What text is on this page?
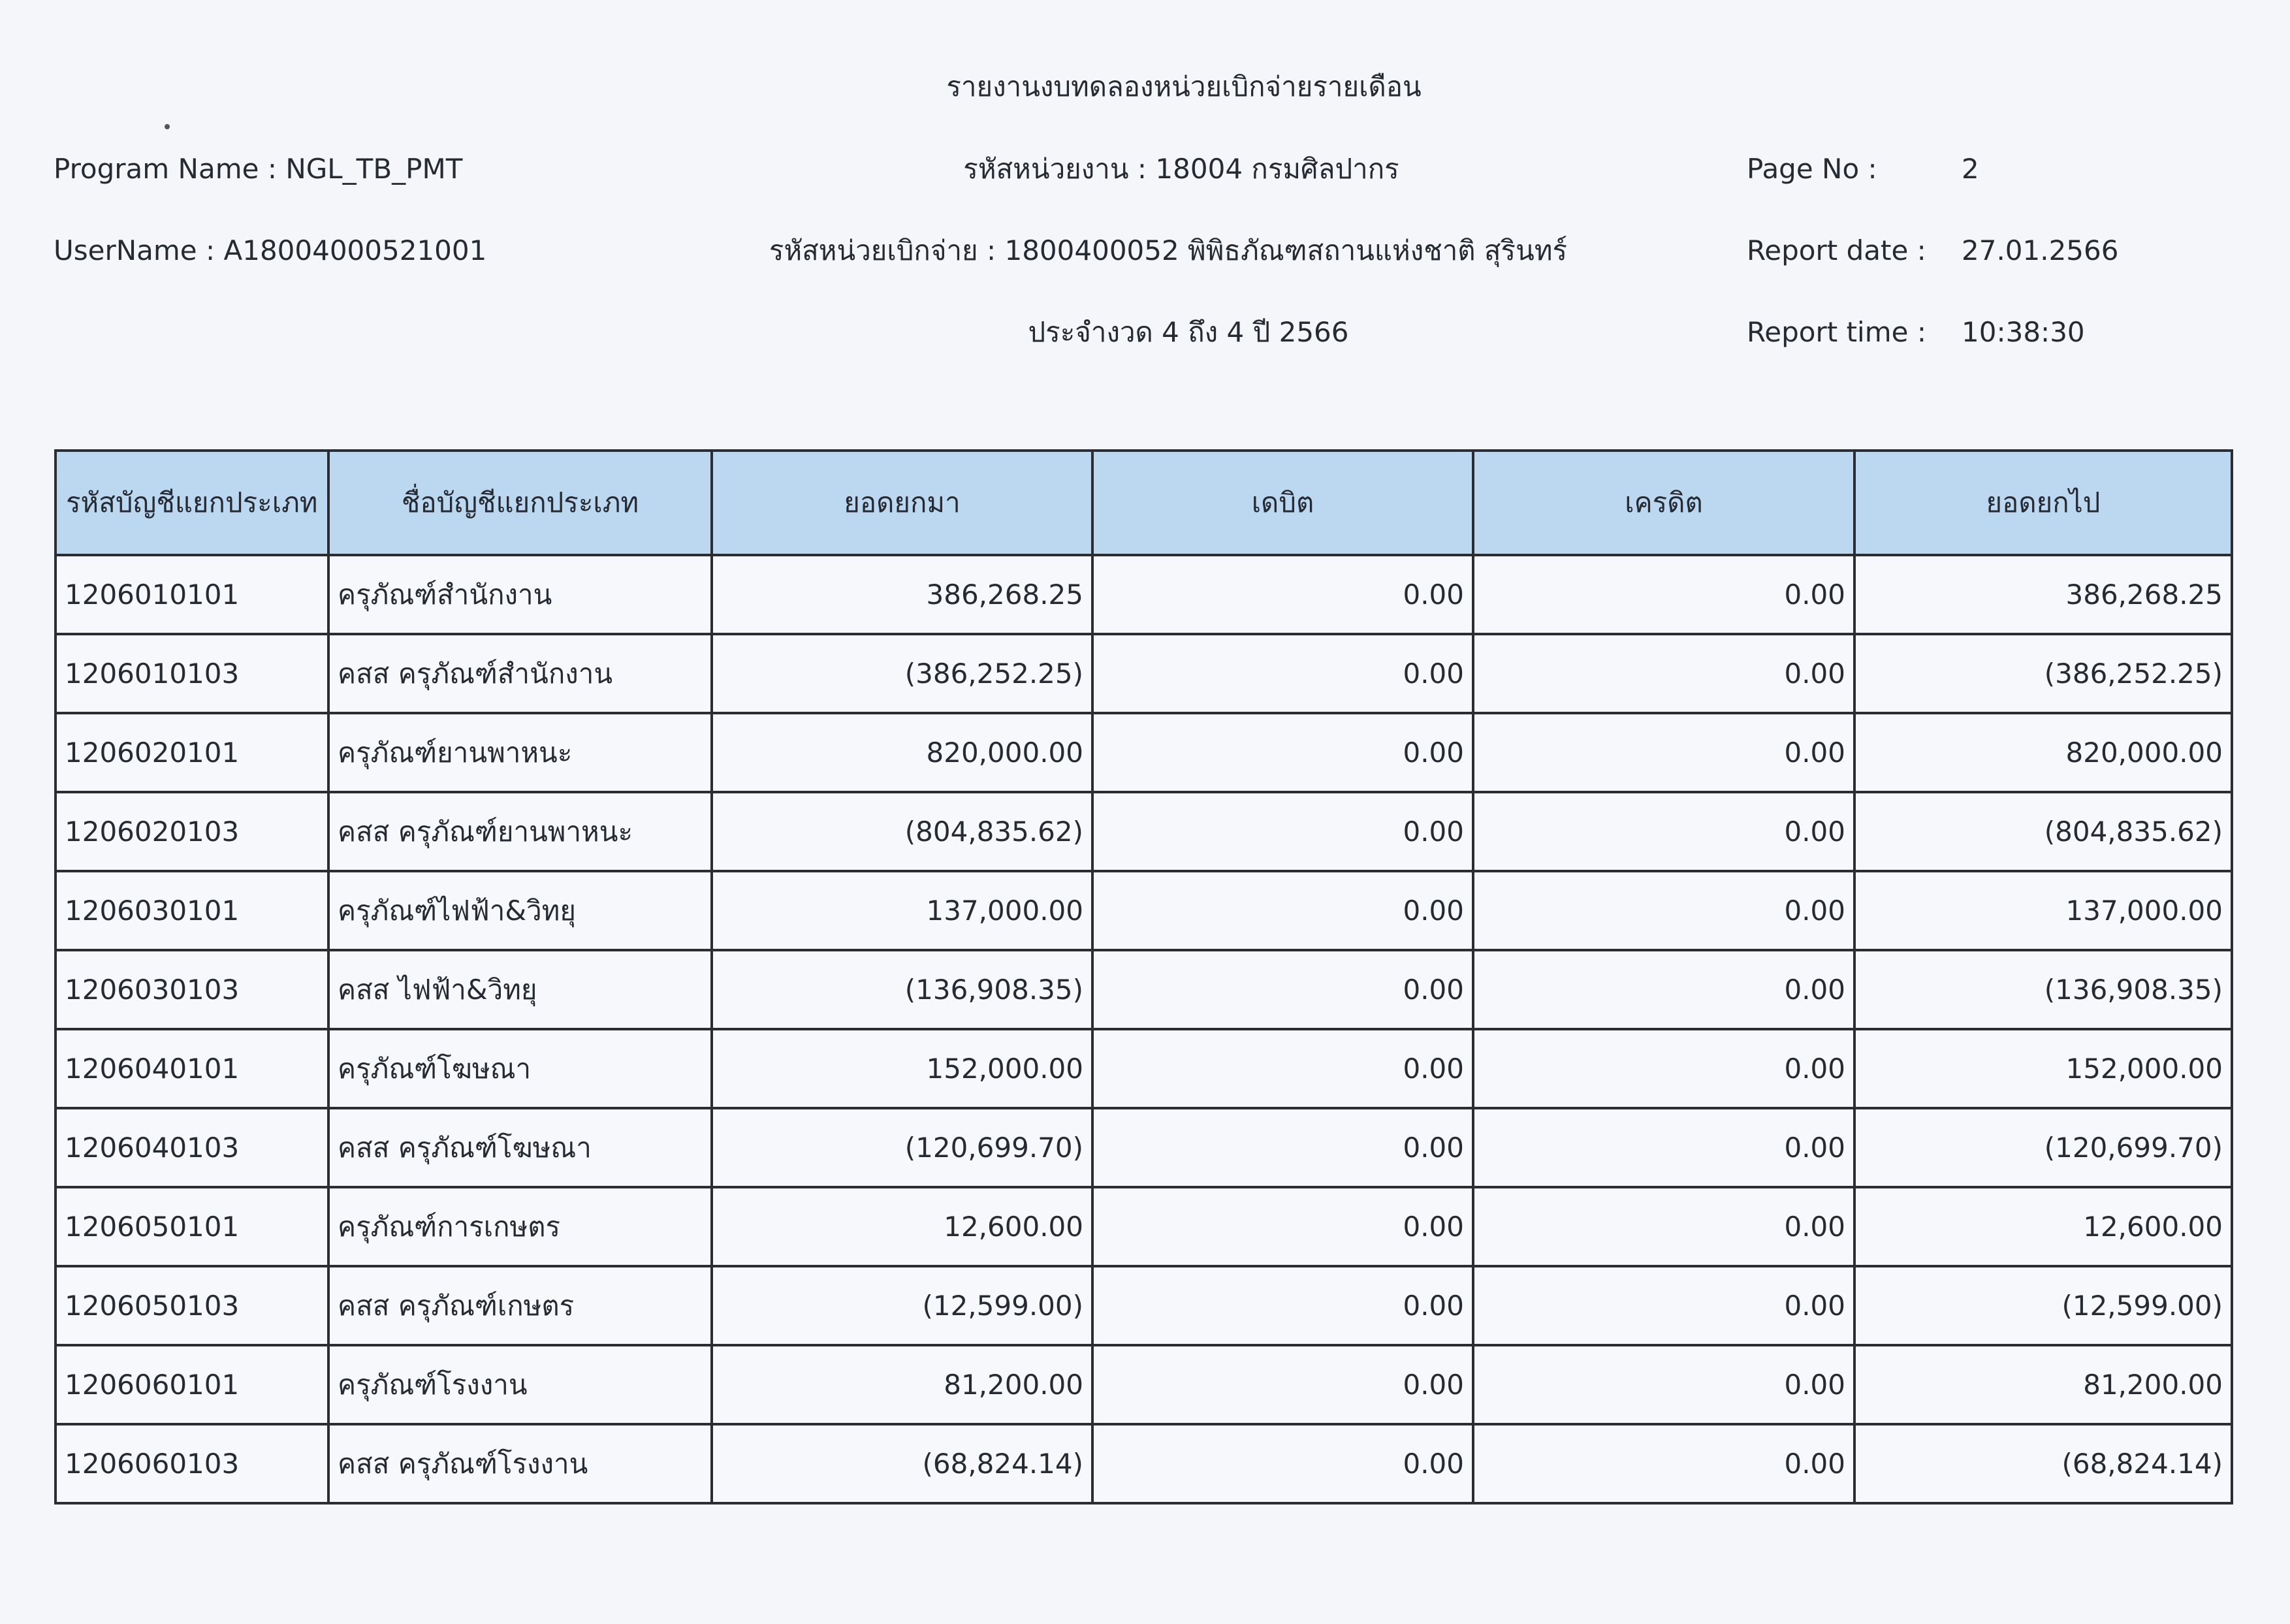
รายงานงบทดลองหน่วยเบิกจ่ายรายเดือน
Program Name : NGL_TB_PMT
UserName : A18004000521001
รหัสหน่วยงาน : 18004 กรมศิลปากร
รหัสหน่วยเบิกจ่าย : 1800400052 พิพิธภัณฑสถานแห่งชาติ สุรินทร์
ประจำงวด 4 ถึง 4 ปี 2566
Page No :	2
Report date : 27.01.2566
Report time : 10:38:30
รหัสบัญชีแยกประเภท	ชื่อบัญชีแยกประเภท	ยอดยกมา	เดบิต	เครดิต	ยอดยกไป
1206010101	ครุภัณฑ์สำนักงาน	386,268.25	0.00	0.00	386,268.25
1206010103	คสส ครุภัณฑ์สำนักงาน	(386,252.25)	0.00	0.00	(386,252.25)
1206020101	ครุภัณฑ์ยานพาหนะ	820,000.00	0.00	0.00	820,000.00
1206020103	คสส ครุภัณฑ์ยานพาหนะ	(804,835.62)	0.00	0.00	(804,835.62)
1206030101	ครุภัณฑ์ไฟฟ้า&วิทยุ	137,000.00	0.00	0.00	137,000.00
1206030103	คสส ไฟฟ้า&วิทยุ	(136,908.35)	0.00	0.00	(136,908.35)
1206040101	ครุภัณฑ์โฆษณา	152,000.00	0.00	0.00	152,000.00
1206040103	คสส ครุภัณฑ์โฆษณา	(120,699.70)	0.00	0.00	(120,699.70)
1206050101	ครุภัณฑ์การเกษตร	12,600.00	0.00	0.00	12,600.00
1206050103	คสส ครุภัณฑ์เกษตร	(12,599.00)	0.00	0.00	(12,599.00)
1206060101	ครุภัณฑ์โรงงาน	81,200.00	0.00	0.00	81,200.00
1206060103	คสส ครุภัณฑ์โรงงาน	(68,824.14)	0.00	0.00	(68,824.14)
